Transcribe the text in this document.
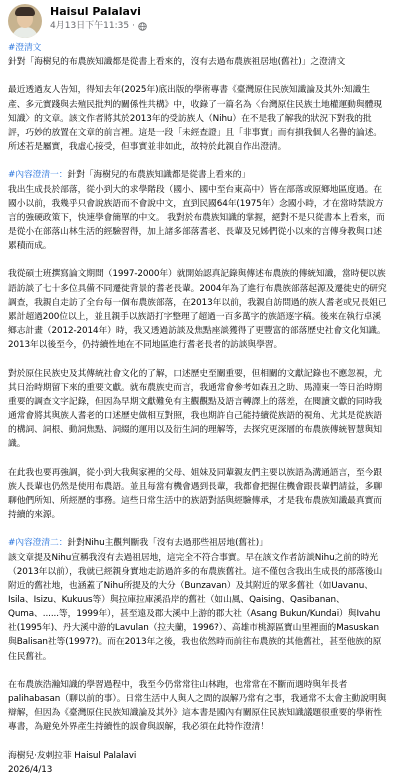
Haisul Palalavi
4月13日下午11:35 ·

#澄清文

針對「海樹兒的布農族知識都是從書上看來的，沒有去過布農族祖居地(舊社)」之澄清文

最近透過友人告知，得知去年(2025年)底出版的學術專書《臺灣原住民族知識論及其外:知識生產、多元實踐與去殖民批判的關係性共構》中，收錄了一篇名為〈台灣原住民族土地權運動與體現知識〉的文章。該文作者將其於2013年的受訪族人（Nihu）在不是我了解我的狀況下對我的批評，巧妙的放置在文章的前言裡。這是一段「未經查證」且「非事實」而有損我個人名譽的論述。所述若是屬實，我虛心接受，但事實並非如此，故特於此親自作出澄清。

#內容澄清一：針對「海樹兒的布農族知識都是從書上看來的」

我出生成長於部落，從小到大的求學階段（國小、國中至台東高中）皆在部落或原鄉地區度過。在國小以前，我幾乎只會說族語而不會說中文，直到民國64年(1975年）念國小時，才在當時禁說方言的強硬政策下，快速學會簡單的中文。 我對於布農族知識的掌握，絕對不是只從書本上看來，而是從小在部落山林生活的經驗習得，加上諸多部落耆老、長輩及兄姊們從小以來的言傳身教與口述累積而成。

我從碩士班撰寫論文期間（1997-2000年）就開始認真記錄與傳述布農族的傳統知識，當時便以族語訪談了七十多位具備不同遷徙背景的耆老長輩。2004年為了進行布農族部落起源及遷徙史的研究調查，我親自走訪了全台每一個布農族部落，在2013年以前，我親自訪問過的族人耆老或兄長姐已累計超過200位以上，並且親手以族語打字整理了超過一百多萬字的族語逐字稿。後來在執行卓溪鄉志計畫（2012-2014年）時，我又透過訪談及焦點座談獲得了更豐富的部落歷史社會文化知識。2013年以後至今，仍持續性地在不同地區進行耆老長者的訪談與學習。

對於原住民族史及其傳統社會文化的了解，口述歷史至關重要，但相關的文獻記錄也不應忽視，尤其日治時期留下來的重要文獻。就布農族史而言，我通常會參考如森丑之助、馬淵東一等日治時期重要的調查文字記錄，但因為早期文獻難免有主觀觀點及語言轉譯上的落差，在閱讀文獻的同時我通常會將其與族人耆老的口述歷史做相互對照，我也期許自己能持續從族語的視角、尤其是從族語的構詞、詞根、動詞焦點、詞綴的運用以及衍生詞的理解等，去探究更深層的布農族傳統智慧與知識。

在此我也要再強調，從小到大我與家裡的父母、姐妹及同輩親友們主要以族語為溝通語言，至今跟族人長輩也仍然是使用布農語。並且每當有機會遇到長輩，我都會把握住機會跟長輩們請益，多聊聊他們所知、所經歷的事務。這些日常生活中的族語對話與經驗傳承，才是我布農族知識最真實而持續的來源。

#內容澄清二：針對Nihu主觀判斷我「沒有去過那些祖居地(舊社)」

該文章提及Nihu宣稱我沒有去過祖居地，這完全不符合事實。早在該文作者訪談Nihu之前的時光（2013年以前），我就已經親身實地走訪過許多的布農族舊社。這不僅包含我出生成長的部落後山附近的舊社地，也涵蓋了Nihu所提及的大分（Bunzavan）及其附近的眾多舊社（如Uavanu、Isila、Isizu、Kukuus等）與拉庫拉庫溪沿岸的舊社（如山風、Qaising、Qasibanan、Quma、......等，1999年），甚至遠及郡大溪中上游的郡大社（Asang Bukun/Kundai）與Ivahu社(1995年)、丹大溪中游的Lavulan（拉夫蘭，1996?）、高雄市桃源區寶山里裡面的Masuskan與Balisan社等(1997?)。而在2013年之後，我也依然時而前往布農族的其他舊社，甚至他族的原住民舊社。

在布農族浩瀚知識的學習過程中，我至今仍常常往山林跑，也常常在不斷而遇時與年長者palihabasan（聊以前的事）。日常生活中人與人之間的誤解乃常有之事，我通常不太會主動說明與辯解，但因為《臺灣原住民族知識論及其外》這本書是國內有關原住民族知識議題很重要的學術性專書，為避免外界產生持續性的誤會與誤解，我必須在此特作澄清！

海樹兒·犮剌拉菲 Haisul Palalavi

2026/4/13
